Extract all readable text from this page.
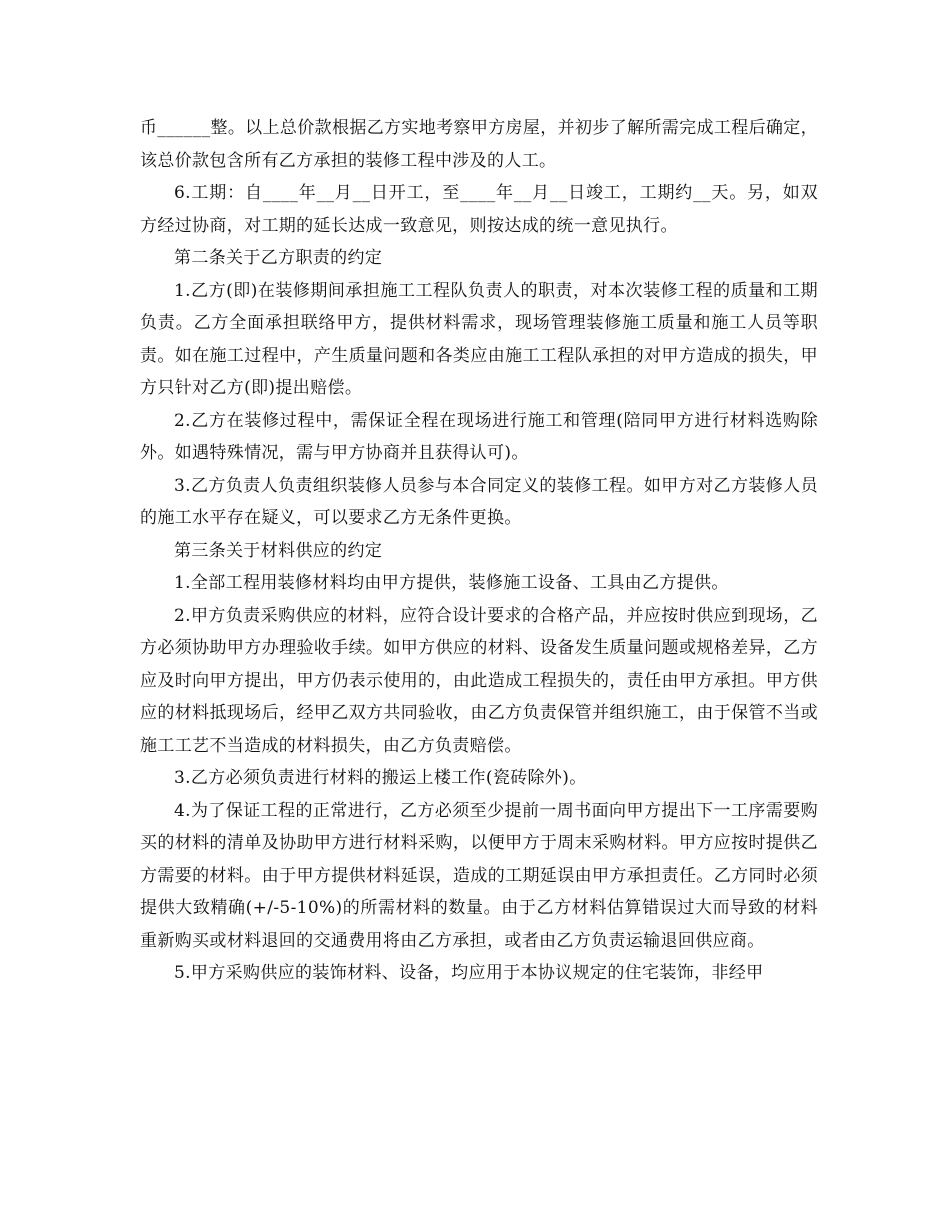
币______整。以上总价款根据乙方实地考察甲方房屋，并初步了解所需完成工程后确定，该总价款包含所有乙方承担的装修工程中涉及的人工。

6.工期：自____年__月__日开工，至____年__月__日竣工，工期约__天。另，如双方经过协商，对工期的延长达成一致意见，则按达成的统一意见执行。

第二条关于乙方职责的约定

1.乙方(即)在装修期间承担施工工程队负责人的职责，对本次装修工程的质量和工期负责。乙方全面承担联络甲方，提供材料需求，现场管理装修施工质量和施工人员等职责。如在施工过程中，产生质量问题和各类应由施工工程队承担的对甲方造成的损失，甲方只针对乙方(即)提出赔偿。

2.乙方在装修过程中，需保证全程在现场进行施工和管理(陪同甲方进行材料选购除外。如遇特殊情况，需与甲方协商并且获得认可)。

3.乙方负责人负责组织装修人员参与本合同定义的装修工程。如甲方对乙方装修人员的施工水平存在疑义，可以要求乙方无条件更换。

第三条关于材料供应的约定

1.全部工程用装修材料均由甲方提供，装修施工设备、工具由乙方提供。

2.甲方负责采购供应的材料，应符合设计要求的合格产品，并应按时供应到现场，乙方必须协助甲方办理验收手续。如甲方供应的材料、设备发生质量问题或规格差异，乙方应及时向甲方提出，甲方仍表示使用的，由此造成工程损失的，责任由甲方承担。甲方供应的材料抵现场后，经甲乙双方共同验收，由乙方负责保管并组织施工，由于保管不当或施工工艺不当造成的材料损失，由乙方负责赔偿。

3.乙方必须负责进行材料的搬运上楼工作(瓷砖除外)。

4.为了保证工程的正常进行，乙方必须至少提前一周书面向甲方提出下一工序需要购买的材料的清单及协助甲方进行材料采购，以便甲方于周末采购材料。甲方应按时提供乙方需要的材料。由于甲方提供材料延误，造成的工期延误由甲方承担责任。乙方同时必须提供大致精确(+/-5-10%)的所需材料的数量。由于乙方材料估算错误过大而导致的材料重新购买或材料退回的交通费用将由乙方承担，或者由乙方负责运输退回供应商。

5.甲方采购供应的装饰材料、设备，均应用于本协议规定的住宅装饰，非经甲
